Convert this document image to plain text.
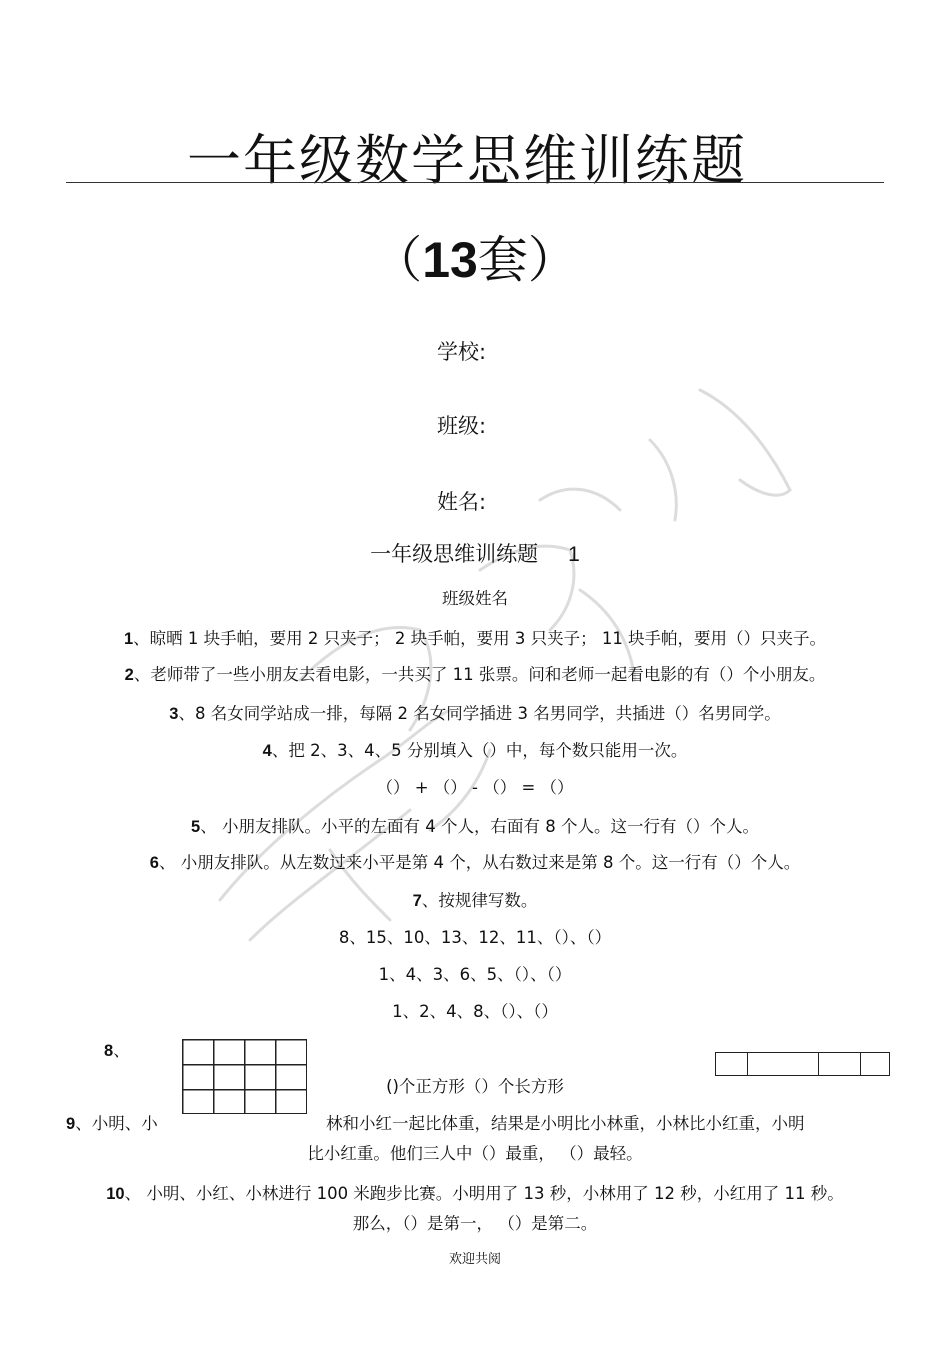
一年级数学思维训练题
（13套）
学校:
班级:
姓名:
一年级思维训练题 1
班级姓名
1、晾晒 1 块手帕，要用 2 只夹子； 2 块手帕，要用 3 只夹子； 11 块手帕，要用（）只夹子。
2、老师带了一些小朋友去看电影，一共买了 11 张票。问和老师一起看电影的有（）个小朋友。
3、8 名女同学站成一排，每隔 2 名女同学插进 3 名男同学，共插进（）名男同学。
4、把 2、3、4、5 分别填入（）中，每个数只能用一次。
（） + （） - （） = （）
5、 小朋友排队。小平的左面有 4 个人，右面有 8 个人。这一行有（）个人。
6、 小朋友排队。从左数过来小平是第 4 个，从右数过来是第 8 个。这一行有（）个人。
7、按规律写数。
8、15、10、13、12、11、（）、（）
1、4、3、6、5、（）、（）
1、2、4、8、（）、（）
8、
()个正方形（）个长方形
9、小明、小	林和小红一起比体重，结果是小明比小林重，小林比小红重，小明
比小红重。他们三人中（）最重， （）最轻。
10、 小明、小红、小林进行 100 米跑步比赛。小明用了 13 秒，小林用了 12 秒，小红用了 11 秒。
那么，（）是第一， （）是第二。
欢迎共阅
